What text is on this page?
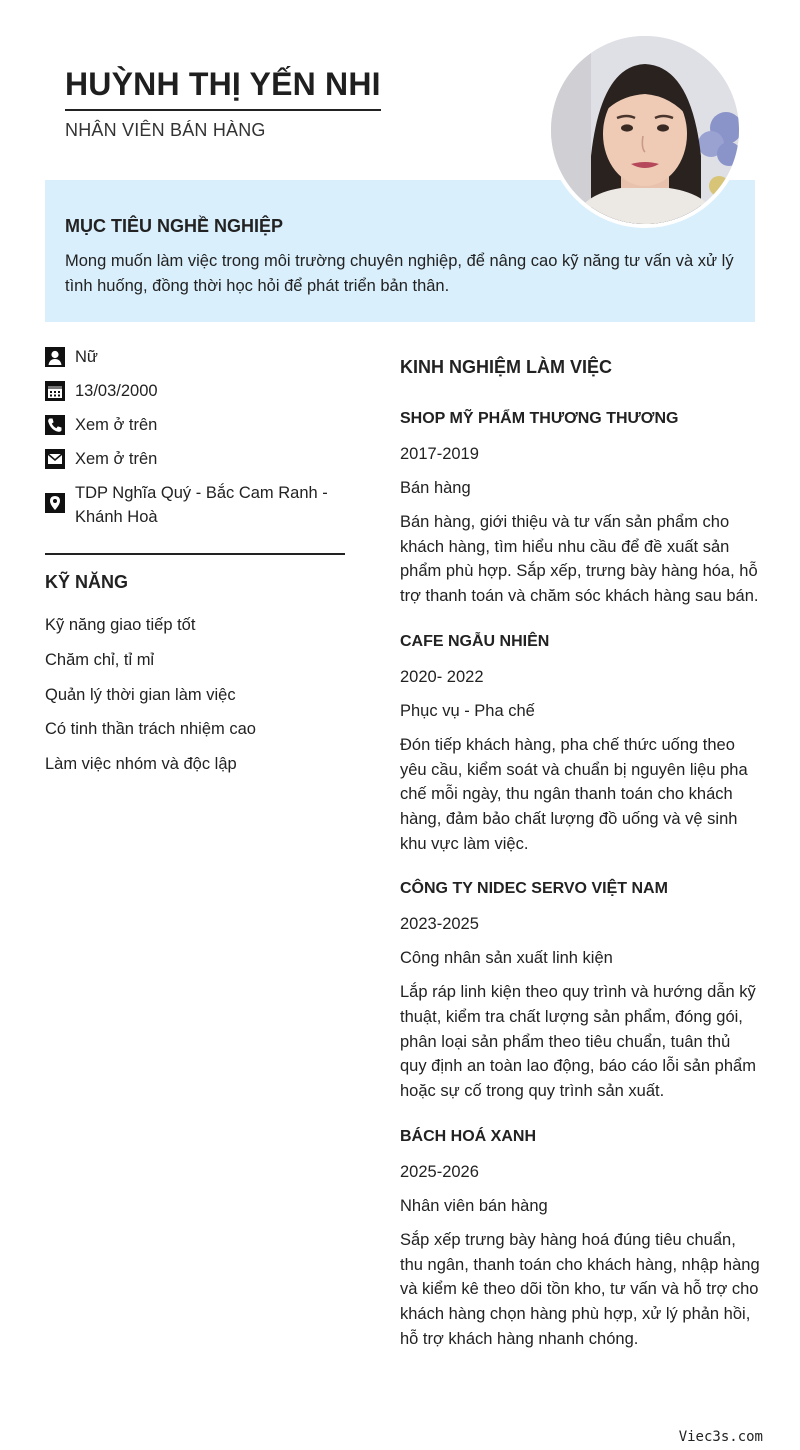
HUỲNH THỊ YẾN NHI
NHÂN VIÊN BÁN HÀNG
MỤC TIÊU NGHỀ NGHIỆP

Mong muốn làm việc trong môi trường chuyên nghiệp, để nâng cao kỹ năng tư vấn và xử lý tình huống, đồng thời học hỏi để phát triển bản thân.

Nữ
13/03/2000
Xem ở trên
Xem ở trên
TDP Nghĩa Quý - Bắc Cam Ranh - Khánh Hoà
KỸ NĂNG
Kỹ năng giao tiếp tốt
Chăm chỉ, tỉ mỉ
Quản lý thời gian làm việc
Có tinh thần trách nhiệm cao
Làm việc nhóm và độc lập
KINH NGHIỆM LÀM VIỆC
SHOP MỸ PHẨM THƯƠNG THƯƠNG
2017-2019
Bán hàng
Bán hàng, giới thiệu và tư vấn sản phẩm cho khách hàng, tìm hiểu nhu cầu để đề xuất sản phẩm phù hợp. Sắp xếp, trưng bày hàng hóa, hỗ trợ thanh toán và chăm sóc khách hàng sau bán.
CAFE NGẪU NHIÊN
2020- 2022
Phục vụ - Pha chế
Đón tiếp khách hàng, pha chế thức uống theo yêu cầu, kiểm soát và chuẩn bị nguyên liệu pha chế mỗi ngày, thu ngân thanh toán cho khách hàng, đảm bảo chất lượng đồ uống và vệ sinh khu vực làm việc.
CÔNG TY NIDEC SERVO VIỆT NAM
2023-2025
Công nhân sản xuất linh kiện
Lắp ráp linh kiện theo quy trình và hướng dẫn kỹ thuật, kiểm tra chất lượng sản phẩm, đóng gói, phân loại sản phẩm theo tiêu chuẩn, tuân thủ quy định an toàn lao động, báo cáo lỗi sản phẩm hoặc sự cố trong quy trình sản xuất.
BÁCH HOÁ XANH
2025-2026
Nhân viên bán hàng
Sắp xếp trưng bày hàng hoá đúng tiêu chuẩn, thu ngân, thanh toán cho khách hàng, nhập hàng và kiểm kê theo dõi tồn kho, tư vấn và hỗ trợ cho khách hàng chọn hàng phù hợp, xử lý phản hồi, hỗ trợ khách hàng nhanh chóng.
Viec3s.com
